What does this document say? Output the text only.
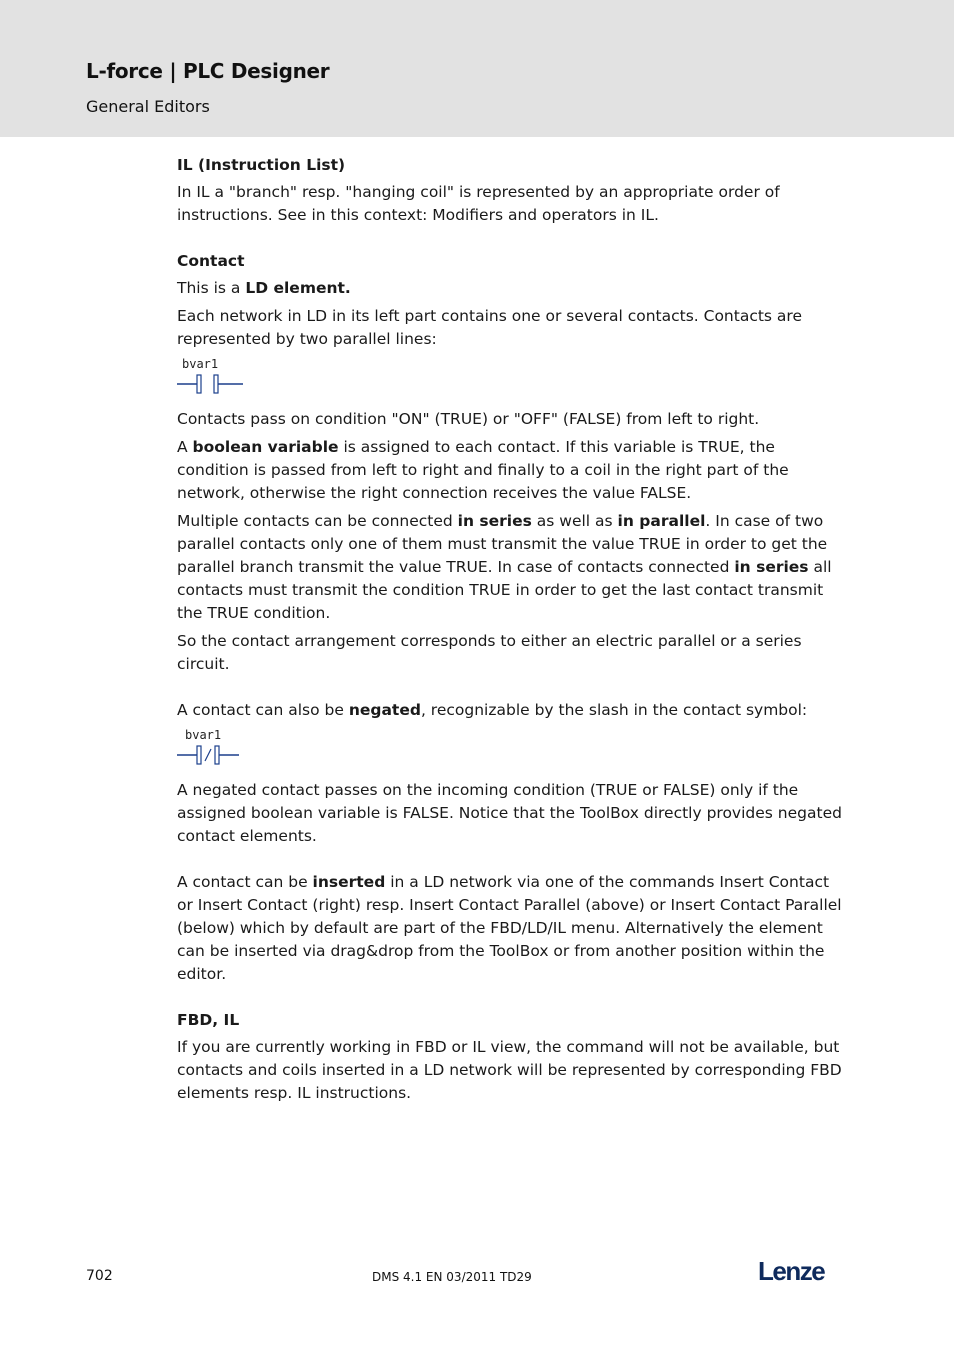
L-force | PLC Designer
General Editors
IL (Instruction List)

In IL a "branch" resp. "hanging coil" is represented by an appropriate order of instructions. See in this context: Modifiers and operators in IL.

Contact

This is a LD element.

Each network in LD in its left part contains one or several contacts. Contacts are represented by two parallel lines:

bvar1

Contacts pass on condition "ON" (TRUE) or "OFF" (FALSE) from left to right.

A boolean variable is assigned to each contact. If this variable is TRUE, the condition is passed from left to right and finally to a coil in the right part of the network, otherwise the right connection receives the value FALSE.

Multiple contacts can be connected in series as well as in parallel. In case of two parallel contacts only one of them must transmit the value TRUE in order to get the parallel branch transmit the value TRUE. In case of contacts connected in series all contacts must transmit the condition TRUE in order to get the last contact transmit the TRUE condition.

So the contact arrangement corresponds to either an electric parallel or a series circuit.

A contact can also be negated, recognizable by the slash in the contact symbol:

bvar1

A negated contact passes on the incoming condition (TRUE or FALSE) only if the assigned boolean variable is FALSE. Notice that the ToolBox directly provides negated contact elements.

A contact can be inserted in a LD network via one of the commands Insert Contact or Insert Contact (right) resp. Insert Contact Parallel (above) or Insert Contact Parallel (below) which by default are part of the FBD/LD/IL menu. Alternatively the element can be inserted via drag&drop from the ToolBox or from another position within the editor.

FBD, IL

If you are currently working in FBD or IL view, the command will not be available, but contacts and coils inserted in a LD network will be represented by corresponding FBD elements resp. IL instructions.

702	DMS 4.1 EN 03/2011 TD29	Lenze
